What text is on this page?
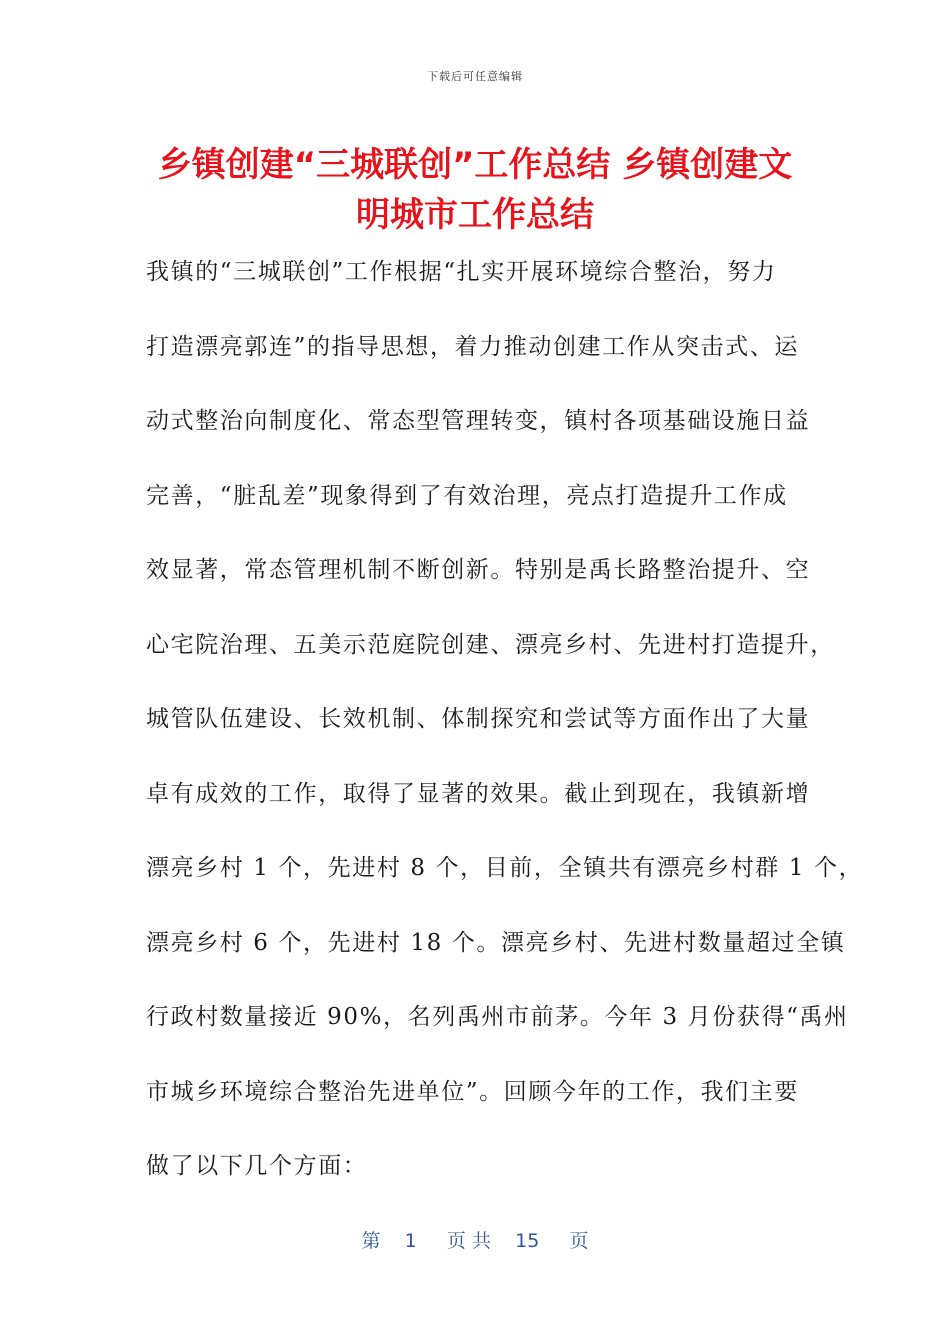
下载后可任意编辑
乡镇创建“三城联创”工作总结 乡镇创建文
明城市工作总结
我镇的“三城联创”工作根据“扎实开展环境综合整治，努力
打造漂亮郭连”的指导思想，着力推动创建工作从突击式、运
动式整治向制度化、常态型管理转变，镇村各项基础设施日益
完善，“脏乱差”现象得到了有效治理，亮点打造提升工作成
效显著，常态管理机制不断创新。特别是禹长路整治提升、空
心宅院治理、五美示范庭院创建、漂亮乡村、先进村打造提升，
城管队伍建设、长效机制、体制探究和尝试等方面作出了大量
卓有成效的工作，取得了显著的效果。截止到现在，我镇新增
漂亮乡村 1 个，先进村 8 个，目前，全镇共有漂亮乡村群 1 个，
漂亮乡村 6 个，先进村 18 个。漂亮乡村、先进村数量超过全镇
行政村数量接近 90%，名列禹州市前茅。今年 3 月份获得“禹州
市城乡环境综合整治先进单位”。回顾今年的工作，我们主要
做了以下几个方面：
第 1 页 共 15 页
